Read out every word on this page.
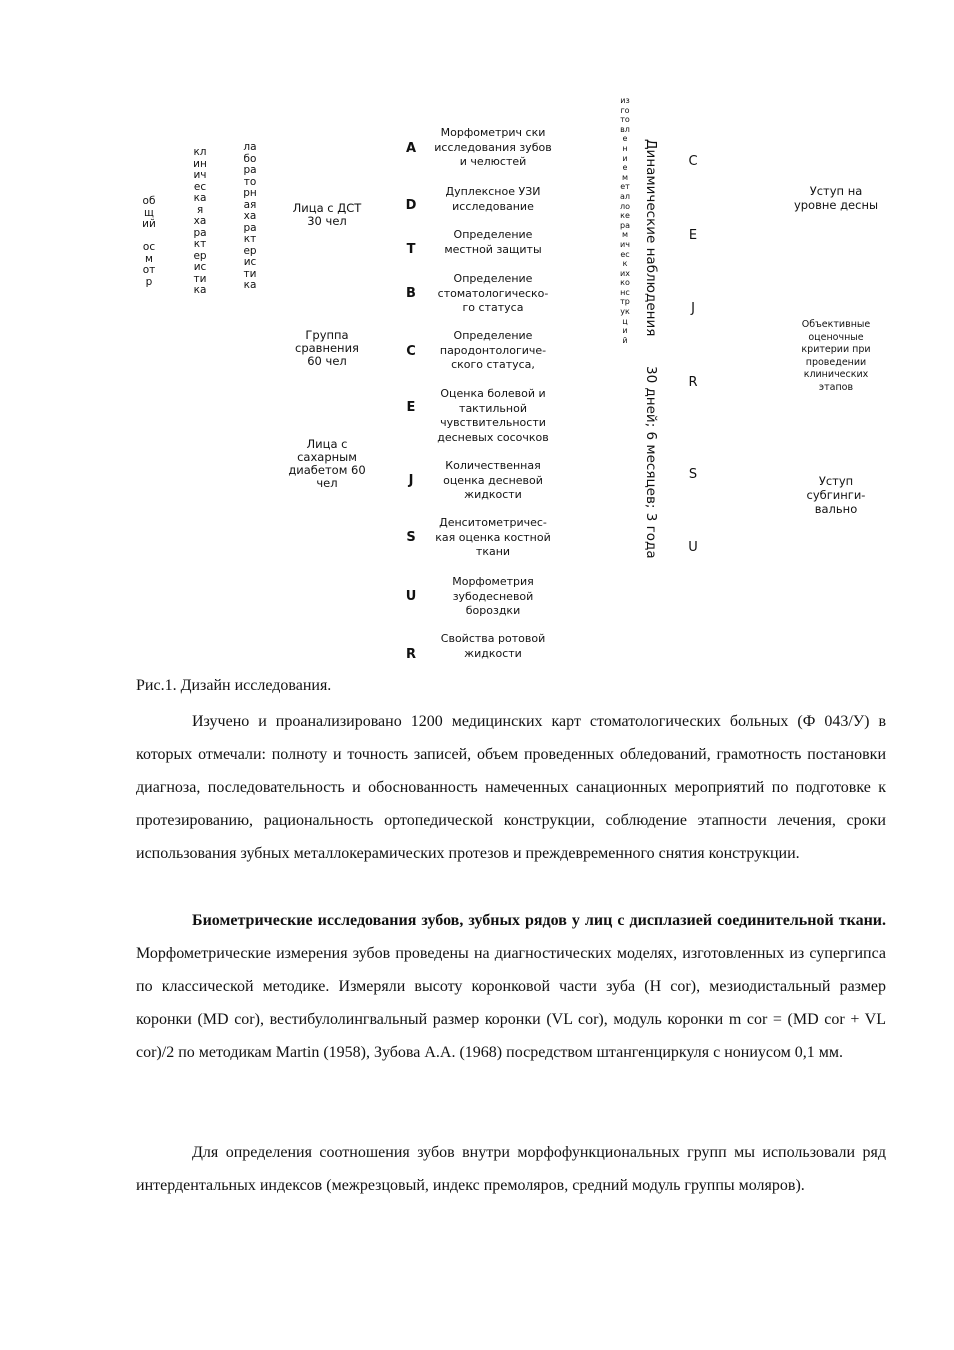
общий

осмотр
клиническая характеристика
лабораторная характеристика
Лица с ДСТ 30 чел
Группа сравнения 60 чел
Лица с сахарным диабетом 60 чел
A
D
T
B
C
E
J
S
U
R
Морфометрич ски исследования зубов и челюстей
Дуплексное УЗИ исследование
Определение местной защиты
Определение стоматологическо-го статуса
Определение пародонтологиче-ского статуса,
Оценка болевой и тактильной чувствительности десневых сосочков
Количественная оценка десневой жидкости
Денситометричес-кая оценка костной ткани
Морфометрия зубодесневой бороздки
Свойства ротовой жидкости
изготовлениеметаллокерамическихконструкций
Динамические наблюдения
30 дней; 6 месяцев; 3 года
C
E
J
R
S
U
Уступ на уровне десны
Объективные оценочные критерии при проведении клинических этапов
Уступ субгинги-вально
Рис.1. Дизайн исследования.

Изучено и проанализировано 1200 медицинских карт стоматологических больных (Ф 043/У) в которых отмечали: полноту и точность записей, объем проведенных обледований, грамотность постановки диагноза, последовательность и обоснованность намеченных санационных мероприятий по подготовке к протезированию, рациональность ортопедической конструкции, соблюдение этапности лечения, сроки использования зубных металлокерамических протезов и преждевременного снятия конструкции.

Биометрические исследования зубов, зубных рядов у лиц с дисплазией соединительной ткани. Морфометрические измерения зубов проведены на диагностических моделях, изготовленных из супергипса по классической методике. Измеряли высоту коронковой части зуба (H cor), мезиодистальный размер коронки (MD cor), вестибулолингвальный размер коронки (VL cor), модуль коронки m cor = (MD cor + VL cor)/2 по методикам Martin (1958), Зубова А.А. (1968) посредством штангенциркуля с нониусом 0,1 мм.

Для определения соотношения зубов внутри морфофункциональных групп мы использовали ряд интердентальных индексов (межрезцовый, индекс премоляров, средний модуль группы моляров).
